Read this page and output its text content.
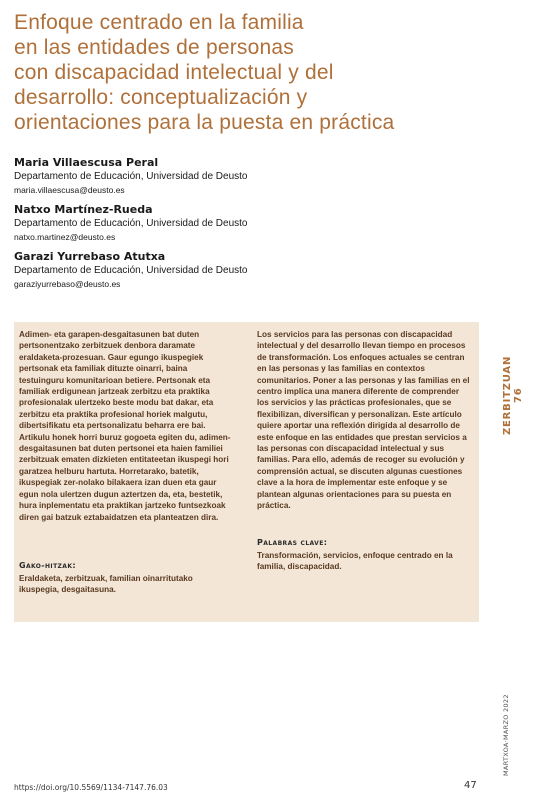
Enfoque centrado en la familia
en las entidades de personas
con discapacidad intelectual y del
desarrollo: conceptualización y
orientaciones para la puesta en práctica
Maria Villaescusa Peral
Departamento de Educación, Universidad de Deusto
maria.villaescusa@deusto.es
Natxo Martínez-Rueda
Departamento de Educación, Universidad de Deusto
natxo.martinez@deusto.es
Garazi Yurrebaso Atutxa
Departamento de Educación, Universidad de Deusto
garaziyurrebaso@deusto.es

Adimen- eta garapen-desgaitasunen bat duten pertsonentzako zerbitzuek denbora daramate eraldaketa-prozesuan. Gaur egungo ikuspegiek pertsonak eta familiak dituzte oinarri, baina testuinguru komunitarioan betiere. Pertsonak eta familiak erdigunean jartzeak zerbitzu eta praktika profesionalak ulertzeko beste modu bat dakar, eta zerbitzu eta praktika profesional horiek malgutu, dibertsifikatu eta pertsonalizatu beharra ere bai. Artikulu honek horri buruz gogoeta egiten du, adimen-desgaitasunen bat duten pertsonei eta haien familiei zerbitzuak ematen dizkieten entitateetan ikuspegi hori garatzea helburu hartuta. Horretarako, batetik, ikuspegiak zer-nolako bilakaera izan duen eta gaur egun nola ulertzen dugun aztertzen da, eta, bestetik, hura inplementatu eta praktikan jartzeko funtsezkoak diren gai batzuk eztabaidatzen eta planteatzen dira.

Gako-hitzak:

Eraldaketa, zerbitzuak, familian oinarritutako ikuspegia, desgaitasuna.

Los servicios para las personas con discapacidad intelectual y del desarrollo llevan tiempo en procesos de transformación. Los enfoques actuales se centran en las personas y las familias en contextos comunitarios. Poner a las personas y las familias en el centro implica una manera diferente de comprender los servicios y las prácticas profesionales, que se flexibilizan, diversifican y personalizan. Este artículo quiere aportar una reflexión dirigida al desarrollo de este enfoque en las entidades que prestan servicios a las personas con discapacidad intelectual y sus familias. Para ello, además de recoger su evolución y comprensión actual, se discuten algunas cuestiones clave a la hora de implementar este enfoque y se plantean algunas orientaciones para su puesta en práctica.

Palabras clave:

Transformación, servicios, enfoque centrado en la familia, discapacidad.

ZERBITZUAN 76
MARTXOA·MARZO 2022
https://doi.org/10.5569/1134-7147.76.03	47
